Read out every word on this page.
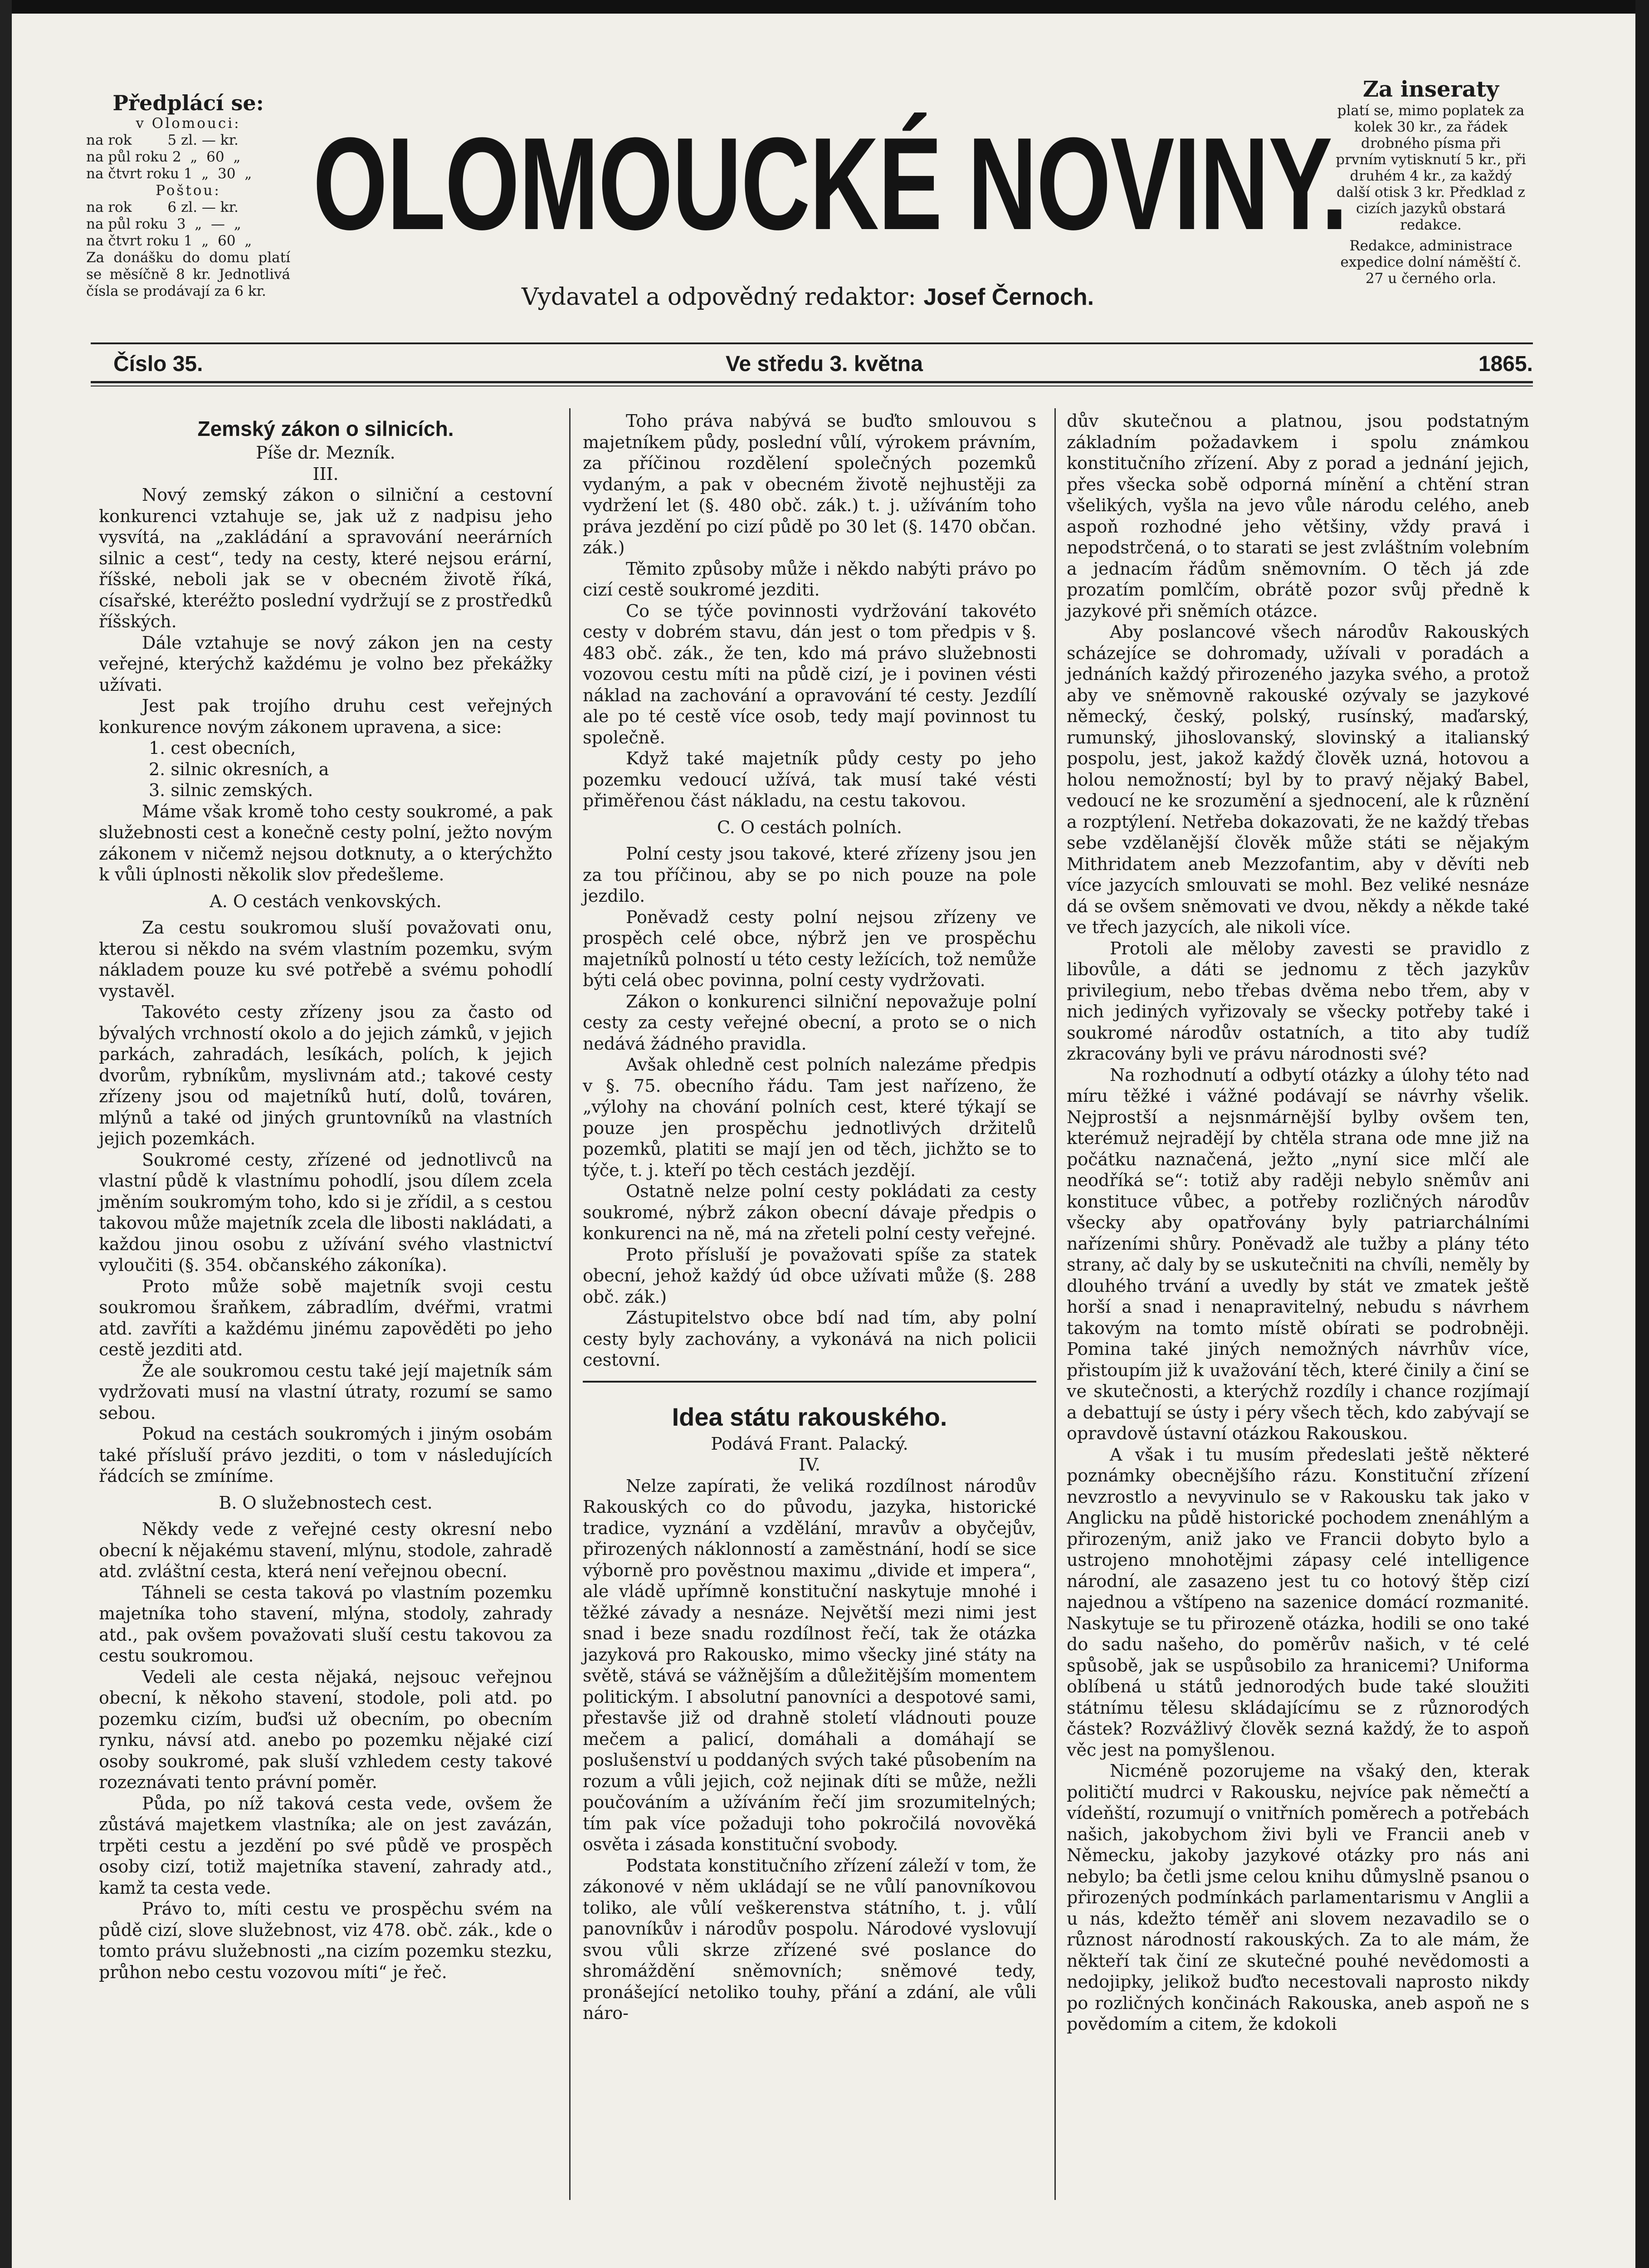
Předplácí se:
v Olomouci:
na rok        5 zl. — kr.
na půl roku 2  „  60  „
na čtvrt roku 1  „  30  „
Poštou:
na rok        6 zl. — kr.
na půl roku  3  „  —  „
na čtvrt roku 1  „  60  „
Za donášku do domu platí se měsíčně 8 kr. Jednotlivá čísla se prodávají za 6 kr.
OLOMOUCKÉ NOVINY.
Vydavatel a odpovědný redaktor: Josef Černoch.
Za inseraty
platí se, mimo poplatek za kolek 30 kr., za řádek drobného písma při prvním vytisknutí 5 kr., při druhém 4 kr., za každý další otisk 3 kr. Předklad z cizích jazyků obstará redakce.
Redakce, administrace expedice dolní náměští č. 27 u černého orla.
Číslo 35.	Ve středu 3. května	1865.
Zemský zákon o silnicích.

Píše dr. Mezník.

III.

Nový zemský zákon o silniční a cestovní konkurenci vztahuje se, jak už z nadpisu jeho vysvítá, na „zakládání a spravování neerárních silnic a cest“, tedy na cesty, které nejsou erární, říšské, neboli jak se v obecném životě říká, císařské, kteréžto poslední vydržují se z prostředků říšských.

Dále vztahuje se nový zákon jen na cesty veřejné, kterýchž každému je volno bez překážky užívati.

Jest pak trojího druhu cest veřejných konkurence novým zákonem upravena, a sice:

1. cest obecních,

2. silnic okresních, a

3. silnic zemských.

Máme však kromě toho cesty soukromé, a pak služebnosti cest a konečně cesty polní, ježto novým zákonem v ničemž nejsou dotknuty, a o kterýchžto k vůli úplnosti několik slov předešleme.

A. O cestách venkovských.

Za cestu soukromou sluší považovati onu, kterou si někdo na svém vlastním pozemku, svým nákladem pouze ku své potřebě a svému pohodlí vystavěl.

Takovéto cesty zřízeny jsou za často od bývalých vrchností okolo a do jejich zámků, v jejich parkách, zahradách, lesíkách, polích, k jejich dvorům, rybníkům, myslivnám atd.; takové cesty zřízeny jsou od majetníků hutí, dolů, továren, mlýnů a také od jiných gruntovníků na vlastních jejich pozemkách.

Soukromé cesty, zřízené od jednotlivců na vlastní půdě k vlastnímu pohodlí, jsou dílem zcela jměním soukromým toho, kdo si je zřídil, a s cestou takovou může majetník zcela dle libosti nakládati, a každou jinou osobu z užívání svého vlastnictví vyloučiti (§. 354. občanského zákoníka).

Proto může sobě majetník svoji cestu soukromou šraňkem, zábradlím, dvéřmi, vratmi atd. zavříti a každému jinému zapověděti po jeho cestě jezditi atd.

Že ale soukromou cestu také její majetník sám vydržovati musí na vlastní útraty, rozumí se samo sebou.

Pokud na cestách soukromých i jiným osobám také přísluší právo jezditi, o tom v následujících řádcích se zmíníme.

B. O služebnostech cest.

Někdy vede z veřejné cesty okresní nebo obecní k nějakému stavení, mlýnu, stodole, zahradě atd. zvláštní cesta, která není veřejnou obecní.

Táhneli se cesta taková po vlastním pozemku majetníka toho stavení, mlýna, stodoly, zahrady atd., pak ovšem považovati sluší cestu takovou za cestu soukromou.

Vedeli ale cesta nějaká, nejsouc veřejnou obecní, k někoho stavení, stodole, poli atd. po pozemku cizím, buďsi už obecním, po obecním rynku, návsí atd. anebo po pozemku nějaké cizí osoby soukromé, pak sluší vzhledem cesty takové rozeznávati tento právní poměr.

Půda, po níž taková cesta vede, ovšem že zůstává majetkem vlastníka; ale on jest zavázán, trpěti cestu a jezdění po své půdě ve prospěch osoby cizí, totiž majetníka stavení, zahrady atd., kamž ta cesta vede.

Právo to, míti cestu ve prospěchu svém na půdě cizí, slove služebnost, viz 478. obč. zák., kde o tomto právu služebnosti „na cizím pozemku stezku, průhon nebo cestu vozovou míti“ je řeč.

Toho práva nabývá se buďto smlouvou s majetníkem půdy, poslední vůlí, výrokem právním, za příčinou rozdělení společných pozemků vydaným, a pak v obecném životě nejhustěji za vydržení let (§. 480 obč. zák.) t. j. užíváním toho práva jezdění po cizí půdě po 30 let (§. 1470 občan. zák.)

Těmito způsoby může i někdo nabýti právo po cizí cestě soukromé jezditi.

Co se týče povinnosti vydržování takovéto cesty v dobrém stavu, dán jest o tom předpis v §. 483 obč. zák., že ten, kdo má právo služebnosti vozovou cestu míti na půdě cizí, je i povinen vésti náklad na zachování a opravování té cesty. Jezdílí ale po té cestě více osob, tedy mají povinnost tu společně.

Když také majetník půdy cesty po jeho pozemku vedoucí užívá, tak musí také vésti přiměřenou část nákladu, na cestu takovou.

C. O cestách polních.

Polní cesty jsou takové, které zřízeny jsou jen za tou příčinou, aby se po nich pouze na pole jezdilo.

Poněvadž cesty polní nejsou zřízeny ve prospěch celé obce, nýbrž jen ve prospěchu majetníků polností u této cesty ležících, tož nemůže býti celá obec povinna, polní cesty vydržovati.

Zákon o konkurenci silniční nepovažuje polní cesty za cesty veřejné obecní, a proto se o nich nedává žádného pravidla.

Avšak ohledně cest polních nalezáme předpis v §. 75. obecního řádu. Tam jest nařízeno, že „výlohy na chování polních cest, které týkají se pouze jen prospěchu jednotlivých držitelů pozemků, platiti se mají jen od těch, jichžto se to týče, t. j. kteří po těch cestách jezdějí.

Ostatně nelze polní cesty pokládati za cesty soukromé, nýbrž zákon obecní dávaje předpis o konkurenci na ně, má na zřeteli polní cesty veřejné.

Proto přísluší je považovati spíše za statek obecní, jehož každý úd obce užívati může (§. 288 obč. zák.)

Zástupitelstvo obce bdí nad tím, aby polní cesty byly zachovány, a vykonává na nich policii cestovní.

Idea státu rakouského.

Podává Frant. Palacký.

IV.

Nelze zapírati, že veliká rozdílnost národův Rakouských co do původu, jazyka, historické tradice, vyznání a vzdělání, mravův a obyčejův, přirozených náklonností a zaměstnání, hodí se sice výborně pro pověstnou maximu „divide et impera“, ale vládě upřímně konstituční naskytuje mnohé i těžké závady a nesnáze. Největší mezi nimi jest snad i beze snadu rozdílnost řečí, tak že otázka jazyková pro Rakousko, mimo všecky jiné státy na světě, stává se vážnějším a důležitějším momentem politickým. I absolutní panovníci a despotové sami, přestavše již od drahně století vládnouti pouze mečem a palicí, domáhali a domáhají se poslušenství u poddaných svých také působením na rozum a vůli jejich, což nejinak díti se může, nežli poučováním a užíváním řečí jim srozumitelných; tím pak více požaduji toho pokročilá novověká osvěta i zásada konstituční svobody.

Podstata konstitučního zřízení záleží v tom, že zákonové v něm ukládají se ne vůlí panovníkovou toliko, ale vůlí veškerenstva státního, t. j. vůlí panovníkův i národův pospolu. Národové vyslovují svou vůli skrze zřízené své poslance do shromáždění sněmovních; sněmové tedy, pronášející netoliko touhy, přání a zdání, ale vůli náro-

dův skutečnou a platnou, jsou podstatným základním požadavkem i spolu známkou konstitučního zřízení. Aby z porad a jednání jejich, přes všecka sobě odporná mínění a chtění stran všelikých, vyšla na jevo vůle národu celého, aneb aspoň rozhodné jeho většiny, vždy pravá i nepodstrčená, o to starati se jest zvláštním volebním a jednacím řádům sněmovním. O těch já zde prozatím pomlčím, obrátě pozor svůj předně k jazykové při sněmích otázce.

Aby poslancové všech národův Rakouských scházejíce se dohromady, užívali v poradách a jednáních každý přirozeného jazyka svého, a protož aby ve sněmovně rakouské ozývaly se jazykové německý, český, polský, rusínský, maďarský, rumunský, jihoslovanský, slovinský a italianský pospolu, jest, jakož každý člověk uzná, hotovou a holou nemožností; byl by to pravý nějaký Babel, vedoucí ne ke srozumění a sjednocení, ale k různění a rozptýlení. Netřeba dokazovati, že ne každý třebas sebe vzdělanější člověk může státi se nějakým Mithridatem aneb Mezzofantim, aby v děvíti neb více jazycích smlouvati se mohl. Bez veliké nesnáze dá se ovšem sněmovati ve dvou, někdy a někde také ve třech jazycích, ale nikoli více.

Protoli ale měloby zavesti se pravidlo z libovůle, a dáti se jednomu z těch jazykův privilegium, nebo třebas dvěma nebo třem, aby v nich jediných vyřizovaly se všecky potřeby také i soukromé národův ostatních, a tito aby tudíž zkracovány byli ve právu národnosti své?

Na rozhodnutí a odbytí otázky a úlohy této nad míru těžké i vážné podávají se návrhy všelik. Nejprostší a nejsnmárnější bylby ovšem ten, kterémuž nejradějí by chtěla strana ode mne již na počátku naznačená, ježto „nyní sice mlčí ale neodříká se“: totiž aby raději nebylo sněmův ani konstituce vůbec, a potřeby rozličných národův všecky aby opatřovány byly patriarchálními nařízeními shůry. Poněvadž ale tužby a plány této strany, ač daly by se uskutečniti na chvíli, neměly by dlouhého trvání a uvedly by stát ve zmatek ještě horší a snad i nenapravitelný, nebudu s návrhem takovým na tomto místě obírati se podrobněji. Pomina také jiných nemožných návrhův více, přistoupím již k uvažování těch, které činily a činí se ve skutečnosti, a kterýchž rozdíly i chance rozjímají a debattují se ústy i péry všech těch, kdo zabývají se opravdově ústavní otázkou Rakouskou.

A však i tu musím předeslati ještě některé poznámky obecnějšího rázu. Konstituční zřízení nevzrostlo a nevyvinulo se v Rakousku tak jako v Anglicku na půdě historické pochodem znenáhlým a přirozeným, aniž jako ve Francii dobyto bylo a ustrojeno mnohotějmi zápasy celé intelligence národní, ale zasazeno jest tu co hotový štěp cizí najednou a vštípeno na sazenice domácí rozmanité. Naskytuje se tu přirozeně otázka, hodili se ono také do sadu našeho, do poměrův našich, v té celé spůsobě, jak se uspůsobilo za hranicemi? Uniforma oblíbená u států jednorodých bude také sloužiti státnímu tělesu skládajícímu se z různorodých částek? Rozvážlivý člověk sezná každý, že to aspoň věc jest na pomyšlenou.

Nicméně pozorujeme na všaký den, kterak političtí mudrci v Rakousku, nejvíce pak němečtí a vídeňští, rozumují o vnitřních poměrech a potřebách našich, jakobychom živi byli ve Francii aneb v Německu, jakoby jazykové otázky pro nás ani nebylo; ba četli jsme celou knihu důmyslně psanou o přirozených podmínkách parlamentarismu v Anglii a u nás, kdežto téměř ani slovem nezavadilo se o různost národností rakouských. Za to ale mám, že někteří tak činí ze skutečné pouhé nevědomosti a nedojipky, jelikož buďto necestovali naprosto nikdy po rozličných končinách Rakouska, aneb aspoň ne s povědomím a citem, že kdokoli
